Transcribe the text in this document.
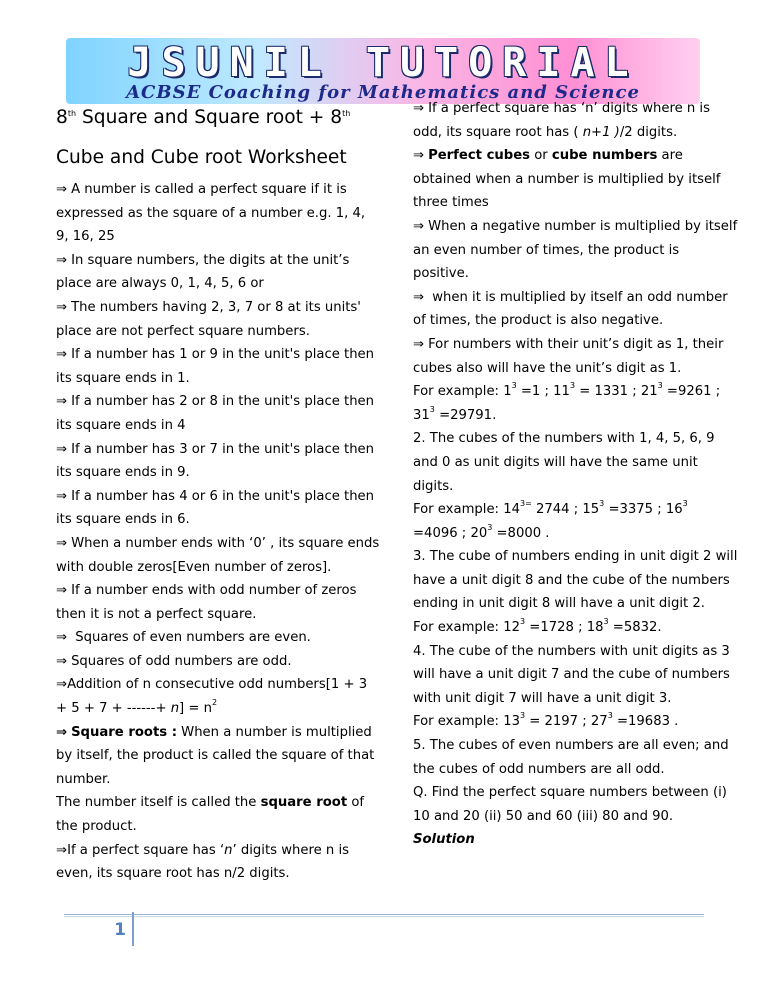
JSUNIL TUTORIAL
ACBSE Coaching for Mathematics and Science
8th Square and Square root + 8th
Cube and Cube root Worksheet

⇒ A number is called a perfect square if it is expressed as the square of a number e.g. 1, 4, 9, 16, 25

⇒ In square numbers, the digits at the unit’s place are always 0, 1, 4, 5, 6 or

⇒ The numbers having 2, 3, 7 or 8 at its units' place are not perfect square numbers.

⇒ If a number has 1 or 9 in the unit's place then its square ends in 1.

⇒ If a number has 2 or 8 in the unit's place then its square ends in 4

⇒ If a number has 3 or 7 in the unit's place then its square ends in 9.

⇒ If a number has 4 or 6 in the unit's place then its square ends in 6.

⇒ When a number ends with ‘0’ , its square ends with double zeros[Even number of zeros].

⇒ If a number ends with odd number of zeros then it is not a perfect square.

⇒ Squares of even numbers are even.

⇒ Squares of odd numbers are odd.

⇒Addition of n consecutive odd numbers[1 + 3 + 5 + 7 + ------+ $n] = n^2$

⇒ Square roots : When a number is multiplied by itself, the product is called the square of that number.

The number itself is called the square root of the product.

⇒If a perfect square has ‘n’ digits where n is even, its square root has n/2 digits.

⇒ If a perfect square has ‘n’ digits where n is odd, its square root has ( n+1 )/2 digits.

⇒ Perfect cubes or cube numbers are obtained when a number is multiplied by itself three times

⇒ When a negative number is multiplied by itself an even number of times, the product is positive.

⇒ when it is multiplied by itself an odd number of times, the product is also negative.

⇒ For numbers with their unit’s digit as 1, their cubes also will have the unit’s digit as 1.

For example: $1^3 =1$ ; $11^3 = 1331$ ; $21^3 =9261$ ;
$31^3 =29791$.

2. The cubes of the numbers with 1, 4, 5, 6, 9 and 0 as unit digits will have the same unit digits.

For example: $14^{3=}$ 2744 ; $15^3 =3375$ ; $16^3$
=4096 ; $20^3 =8000$ .

3. The cube of numbers ending in unit digit 2 will have a unit digit 8 and the cube of the numbers ending in unit digit 8 will have a unit digit 2.

For example: $12^3 =1728$ ; $18^3 =5832$.

4. The cube of the numbers with unit digits as 3 will have a unit digit 7 and the cube of numbers with unit digit 7 will have a unit digit 3.

For example: $13^3 = 2197$ ; $27^3 =19683$ .

5. The cubes of even numbers are all even; and the cubes of odd numbers are all odd.

Q. Find the perfect square numbers between (i) 10 and 20 (ii) 50 and 60 (iii) 80 and 90.

Solution

1
